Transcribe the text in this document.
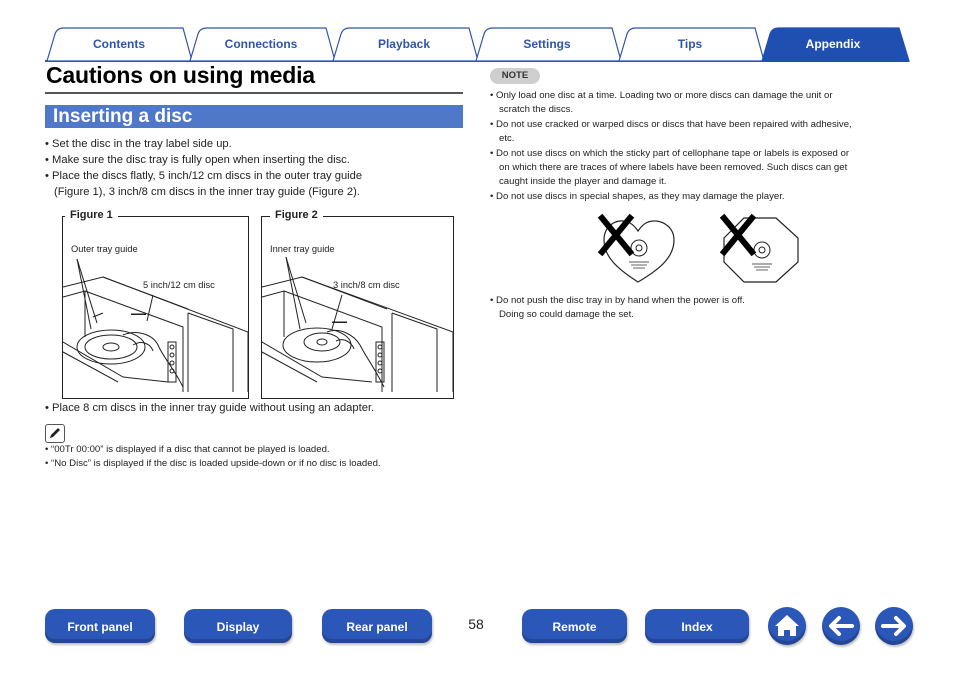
Contents	Connections	Playback	Settings	Tips	Appendix
Cautions on using media
Inserting a disc
• Set the disc in the tray label side up.
• Make sure the disc tray is fully open when inserting the disc.
• Place the discs flatly, 5 inch/12 cm discs in the outer tray guide
(Figure 1), 3 inch/8 cm discs in the inner tray guide (Figure 2).
▬▬▬
Figure 1
Outer tray guide
5 inch/12 cm disc
▬▬▬
Figure 2
Inner tray guide
3 inch/8 cm disc
• Place 8 cm discs in the inner tray guide without using an adapter.
• “00Tr 00:00” is displayed if a disc that cannot be played is loaded.
• “No Disc” is displayed if the disc is loaded upside-down or if no disc is loaded.
NOTE
• Only load one disc at a time. Loading two or more discs can damage the unit or
scratch the discs.
• Do not use cracked or warped discs or discs that have been repaired with adhesive,
etc.
• Do not use discs on which the sticky part of cellophane tape or labels is exposed or
on which there are traces of where labels have been removed. Such discs can get
caught inside the player and damage it.
• Do not use discs in special shapes, as they may damage the player.
• Do not push the disc tray in by hand when the power is off.
Doing so could damage the set.
Front panel	Display	Rear panel	58	Remote	Index
